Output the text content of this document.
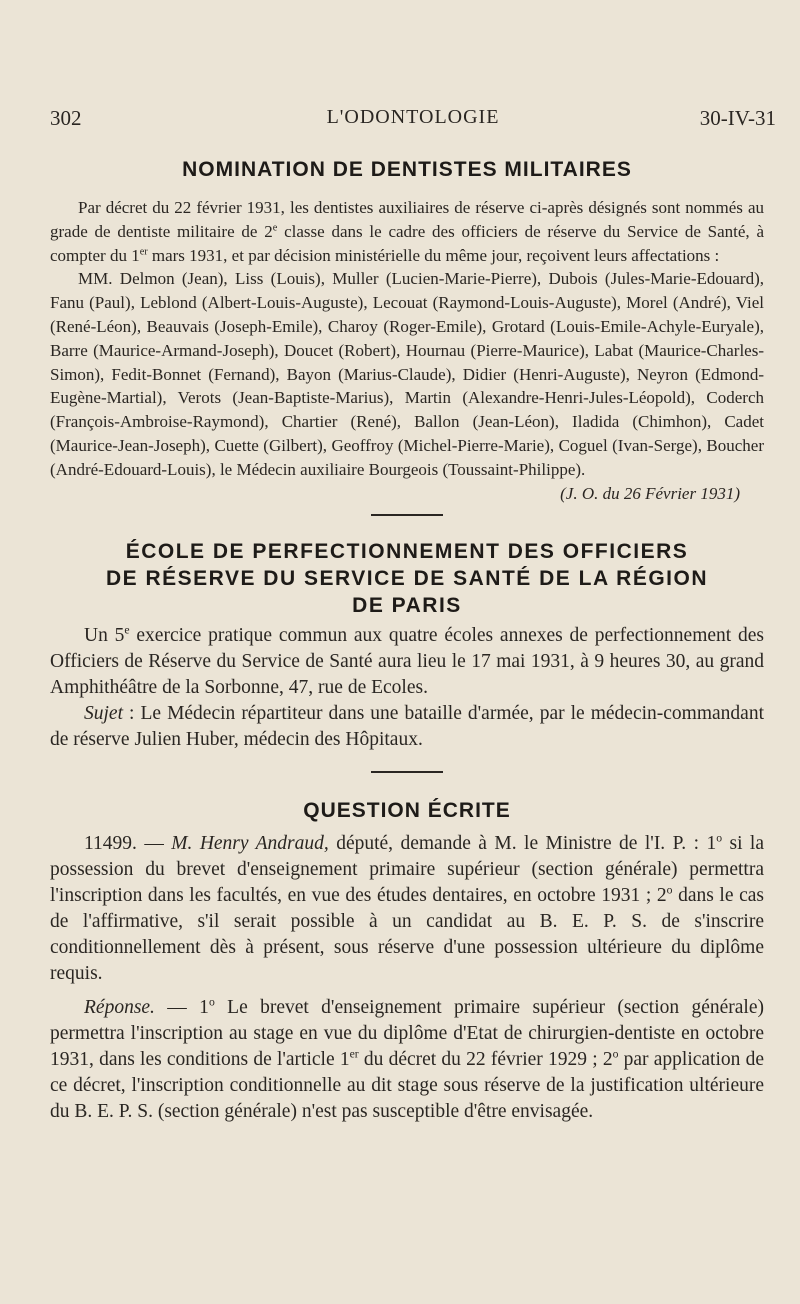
302	L'ODONTOLOGIE	30-IV-31
NOMINATION DE DENTISTES MILITAIRES

Par décret du 22 février 1931, les dentistes auxiliaires de réserve ci-après désignés sont nommés au grade de dentiste militaire de 2e classe dans le cadre des officiers de réserve du Service de Santé, à compter du 1er mars 1931, et par décision ministérielle du même jour, reçoivent leurs affectations :

MM. Delmon (Jean), Liss (Louis), Muller (Lucien-Marie-Pierre), Dubois (Jules-Marie-Edouard), Fanu (Paul), Leblond (Albert-Louis-Auguste), Lecouat (Raymond-Louis-Auguste), Morel (André), Viel (René-Léon), Beauvais (Joseph-Emile), Charoy (Roger-Emile), Grotard (Louis-Emile-Achyle-Euryale), Barre (Maurice-Armand-Joseph), Doucet (Robert), Hournau (Pierre-Maurice), Labat (Maurice-Charles-Simon), Fedit-Bonnet (Fernand), Bayon (Marius-Claude), Didier (Henri-Auguste), Neyron (Edmond-Eugène-Martial), Verots (Jean-Baptiste-Marius), Martin (Alexandre-Henri-Jules-Léopold), Coderch (François-Ambroise-Raymond), Chartier (René), Ballon (Jean-Léon), Iladida (Chimhon), Cadet (Maurice-Jean-Joseph), Cuette (Gilbert), Geoffroy (Michel-Pierre-Marie), Coguel (Ivan-Serge), Boucher (André-Edouard-Louis), le Médecin auxiliaire Bourgeois (Toussaint-Philippe).

(J. O. du 26 Février 1931)
ÉCOLE DE PERFECTIONNEMENT DES OFFICIERS
DE RÉSERVE DU SERVICE DE SANTÉ DE LA RÉGION
DE PARIS

Un 5e exercice pratique commun aux quatre écoles annexes de perfectionnement des Officiers de Réserve du Service de Santé aura lieu le 17 mai 1931, à 9 heures 30, au grand Amphithéâtre de la Sorbonne, 47, rue de Ecoles.

Sujet : Le Médecin répartiteur dans une bataille d'armée, par le médecin-commandant de réserve Julien Huber, médecin des Hôpitaux.

QUESTION ÉCRITE

11499. — M. Henry Andraud, député, demande à M. le Ministre de l'I. P. : 1$^o$ si la possession du brevet d'enseignement primaire supérieur (section générale) permettra l'inscription dans les facultés, en vue des études dentaires, en octobre 1931 ; 2$^o$ dans le cas de l'affirmative, s'il serait possible à un candidat au B. E. P. S. de s'inscrire conditionnellement dès à présent, sous réserve d'une possession ultérieure du diplôme requis.

Réponse. — 1$^o$ Le brevet d'enseignement primaire supérieur (section générale) permettra l'inscription au stage en vue du diplôme d'Etat de chirurgien-dentiste en octobre 1931, dans les conditions de l'article 1er du décret du 22 février 1929 ; 2$^o$ par application de ce décret, l'inscription conditionnelle au dit stage sous réserve de la justification ultérieure du B. E. P. S. (section générale) n'est pas susceptible d'être envisagée.
